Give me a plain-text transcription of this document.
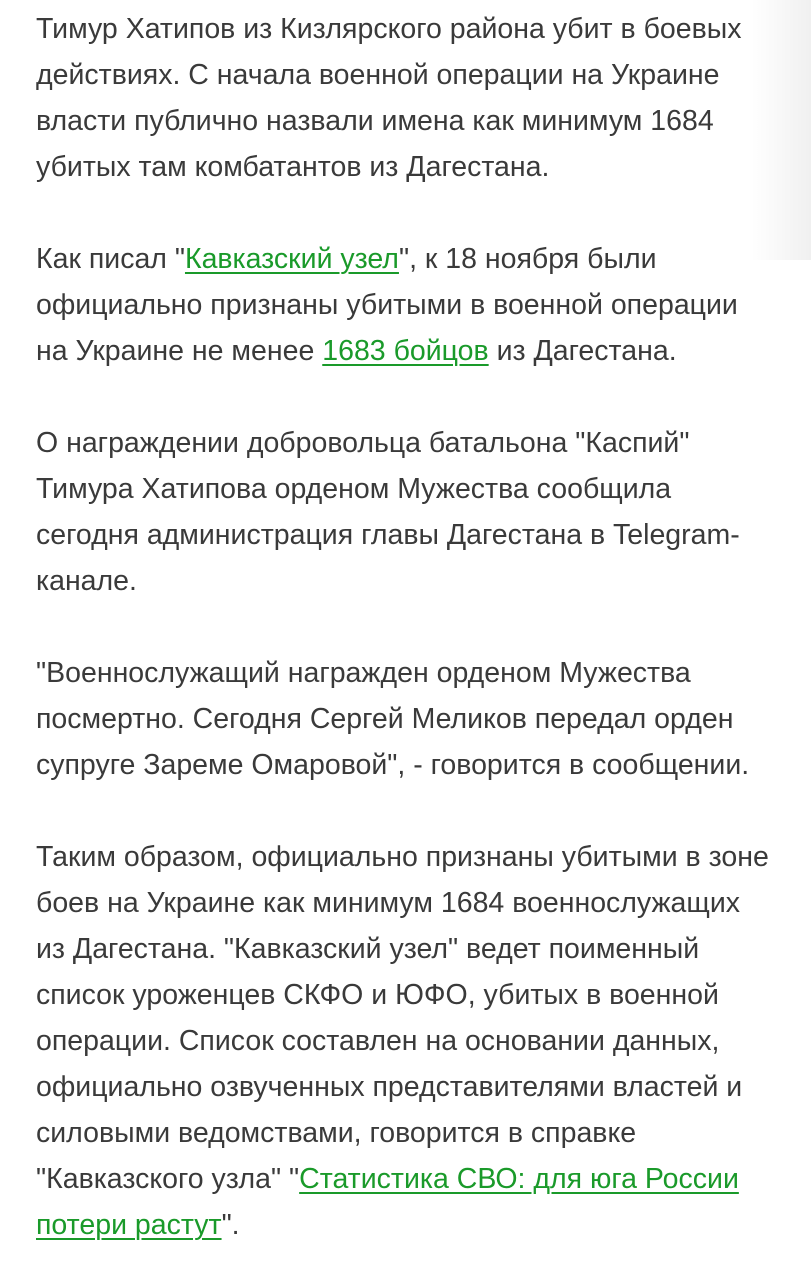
Тимур Хатипов из Кизлярского района убит в боевых действиях. С начала военной операции на Украине власти публично назвали имена как минимум 1684 убитых там комбатантов из Дагестана.

Как писал "Кавказский узел", к 18 ноября были официально признаны убитыми в военной операции на Украине не менее 1683 бойцов из Дагестана.

О награждении добровольца батальона "Каспий" Тимура Хатипова орденом Мужества сообщила сегодня администрация главы Дагестана в Telegram-канале.

"Военнослужащий награжден орденом Мужества посмертно. Сегодня Сергей Меликов передал орден супруге Зареме Омаровой", - говорится в сообщении.

Таким образом, официально признаны убитыми в зоне боев на Украине как минимум 1684 военнослужащих из Дагестана. "Кавказский узел" ведет поименный список уроженцев СКФО и ЮФО, убитых в военной операции. Список составлен на основании данных, официально озвученных представителями властей и силовыми ведомствами, говорится в справке "Кавказского узла" "Статистика СВО: для юга России потери растут".
